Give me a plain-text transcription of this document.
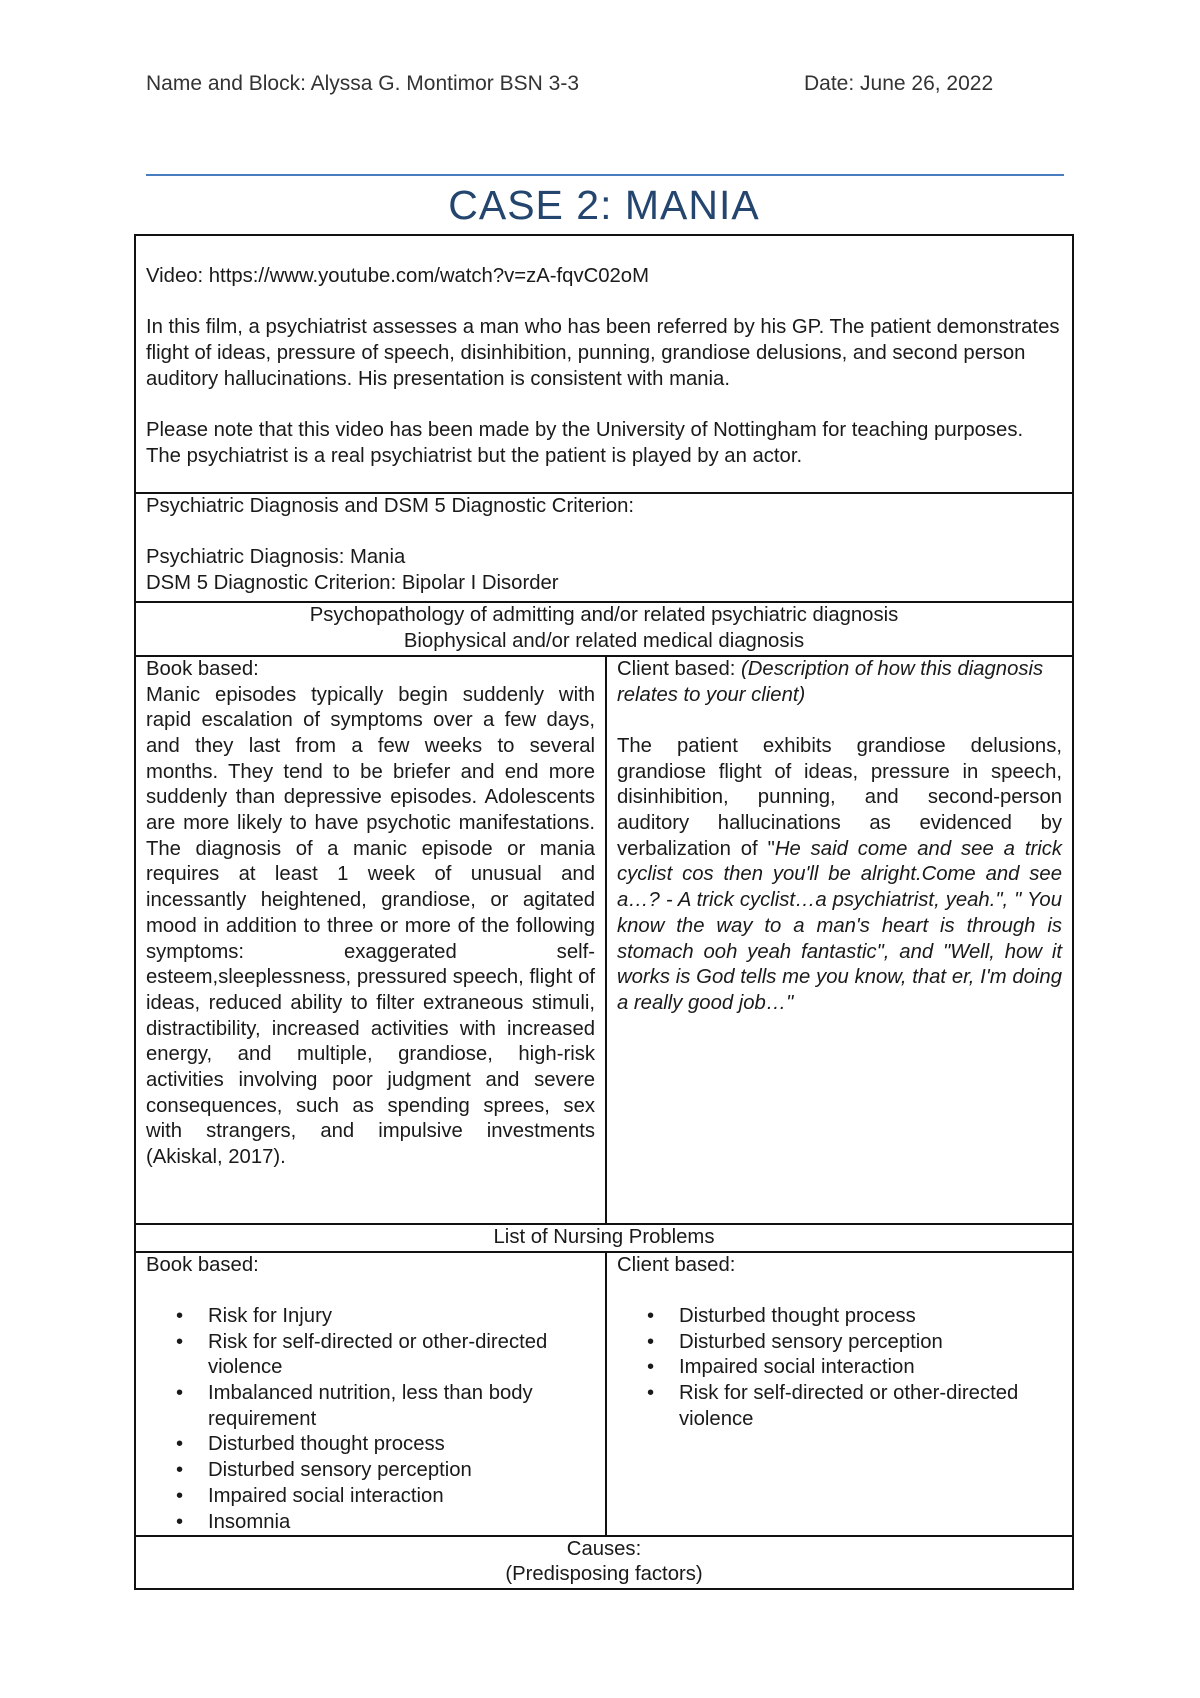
Name and Block: Alyssa G. Montimor BSN 3-3	Date: June 26, 2022
CASE 2: MANIA

Video: https://www.youtube.com/watch?v=zA-fqvC02oM

In this film, a psychiatrist assesses a man who has been referred by his GP. The patient demonstrates flight of ideas, pressure of speech, disinhibition, punning, grandiose delusions, and second person auditory hallucinations. His presentation is consistent with mania.

Please note that this video has been made by the University of Nottingham for teaching purposes. The psychiatrist is a real psychiatrist but the patient is played by an actor.

Psychiatric Diagnosis and DSM 5 Diagnostic Criterion:

Psychiatric Diagnosis: Mania

DSM 5 Diagnostic Criterion: Bipolar I Disorder

Psychopathology of admitting and/or related psychiatric diagnosis

Biophysical and/or related medical diagnosis

Book based:

Manic episodes typically begin suddenly with rapid escalation of symptoms over a few days, and they last from a few weeks to several months. They tend to be briefer and end more suddenly than depressive episodes. Adolescents are more likely to have psychotic manifestations. The diagnosis of a manic episode or mania requires at least 1 week of unusual and incessantly heightened, grandiose, or agitated mood in addition to three or more of the following symptoms: exaggerated self-esteem,sleeplessness, pressured speech, flight of ideas, reduced ability to filter extraneous stimuli, distractibility, increased activities with increased energy, and multiple, grandiose, high-risk activities involving poor judgment and severe consequences, such as spending sprees, sex with strangers, and impulsive investments (Akiskal, 2017).

Client based: (Description of how this diagnosis relates to your client)

The patient exhibits grandiose delusions, grandiose flight of ideas, pressure in speech, disinhibition, punning, and second-person auditory hallucinations as evidenced by verbalization of "He said come and see a trick cyclist cos then you'll be alright.Come and see a…? - A trick cyclist…a psychiatrist, yeah.", " You know the way to a man's heart is through is stomach ooh yeah fantastic", and "Well, how it works is God tells me you know, that er, I'm doing a really good job…"

List of Nursing Problems

Book based:

• Risk for Injury
• Risk for self-directed or other-directed violence
• Imbalanced nutrition, less than body requirement
• Disturbed thought process
• Disturbed sensory perception
• Impaired social interaction
• Insomnia

Client based:

• Disturbed thought process
• Disturbed sensory perception
• Impaired social interaction
• Risk for self-directed or other-directed violence

Causes:

(Predisposing factors)
